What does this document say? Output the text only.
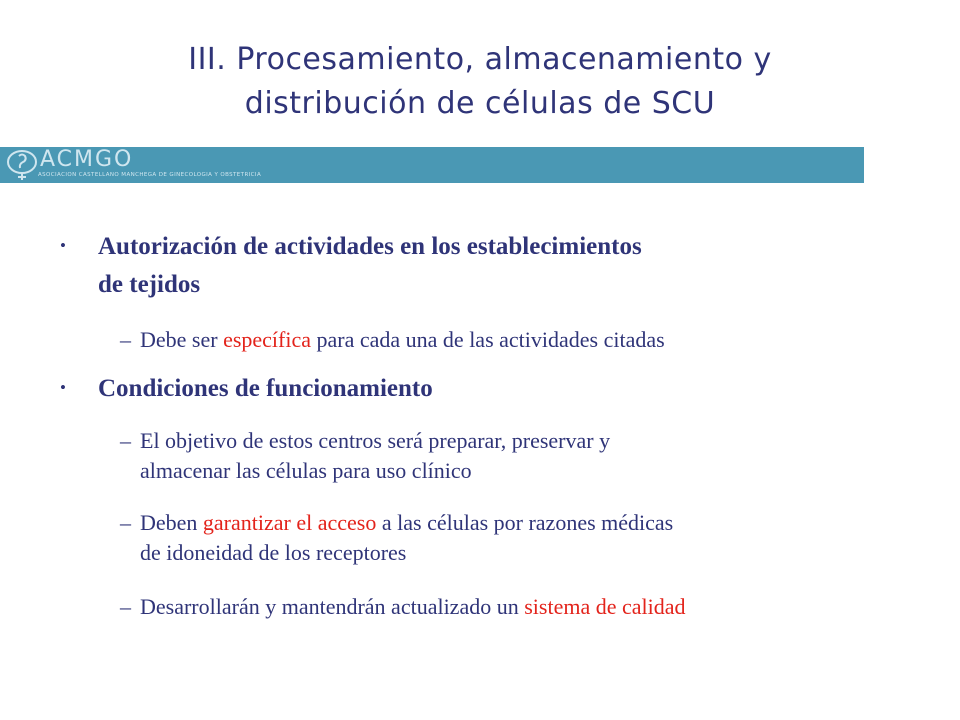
III. Procesamiento, almacenamiento y
distribución de células de SCU
ACMGO
ASOCIACION CASTELLANO MANCHEGA DE GINECOLOGIA Y OBSTETRICIA
• Autorización de actividades en los establecimientos
de tejidos
– Debe ser específica para cada una de las actividades citadas
• Condiciones de funcionamiento
– El objetivo de estos centros será preparar, preservar y
almacenar las células para uso clínico
– Deben garantizar el acceso a las células por razones médicas
de idoneidad de los receptores
– Desarrollarán y mantendrán actualizado un sistema de calidad
